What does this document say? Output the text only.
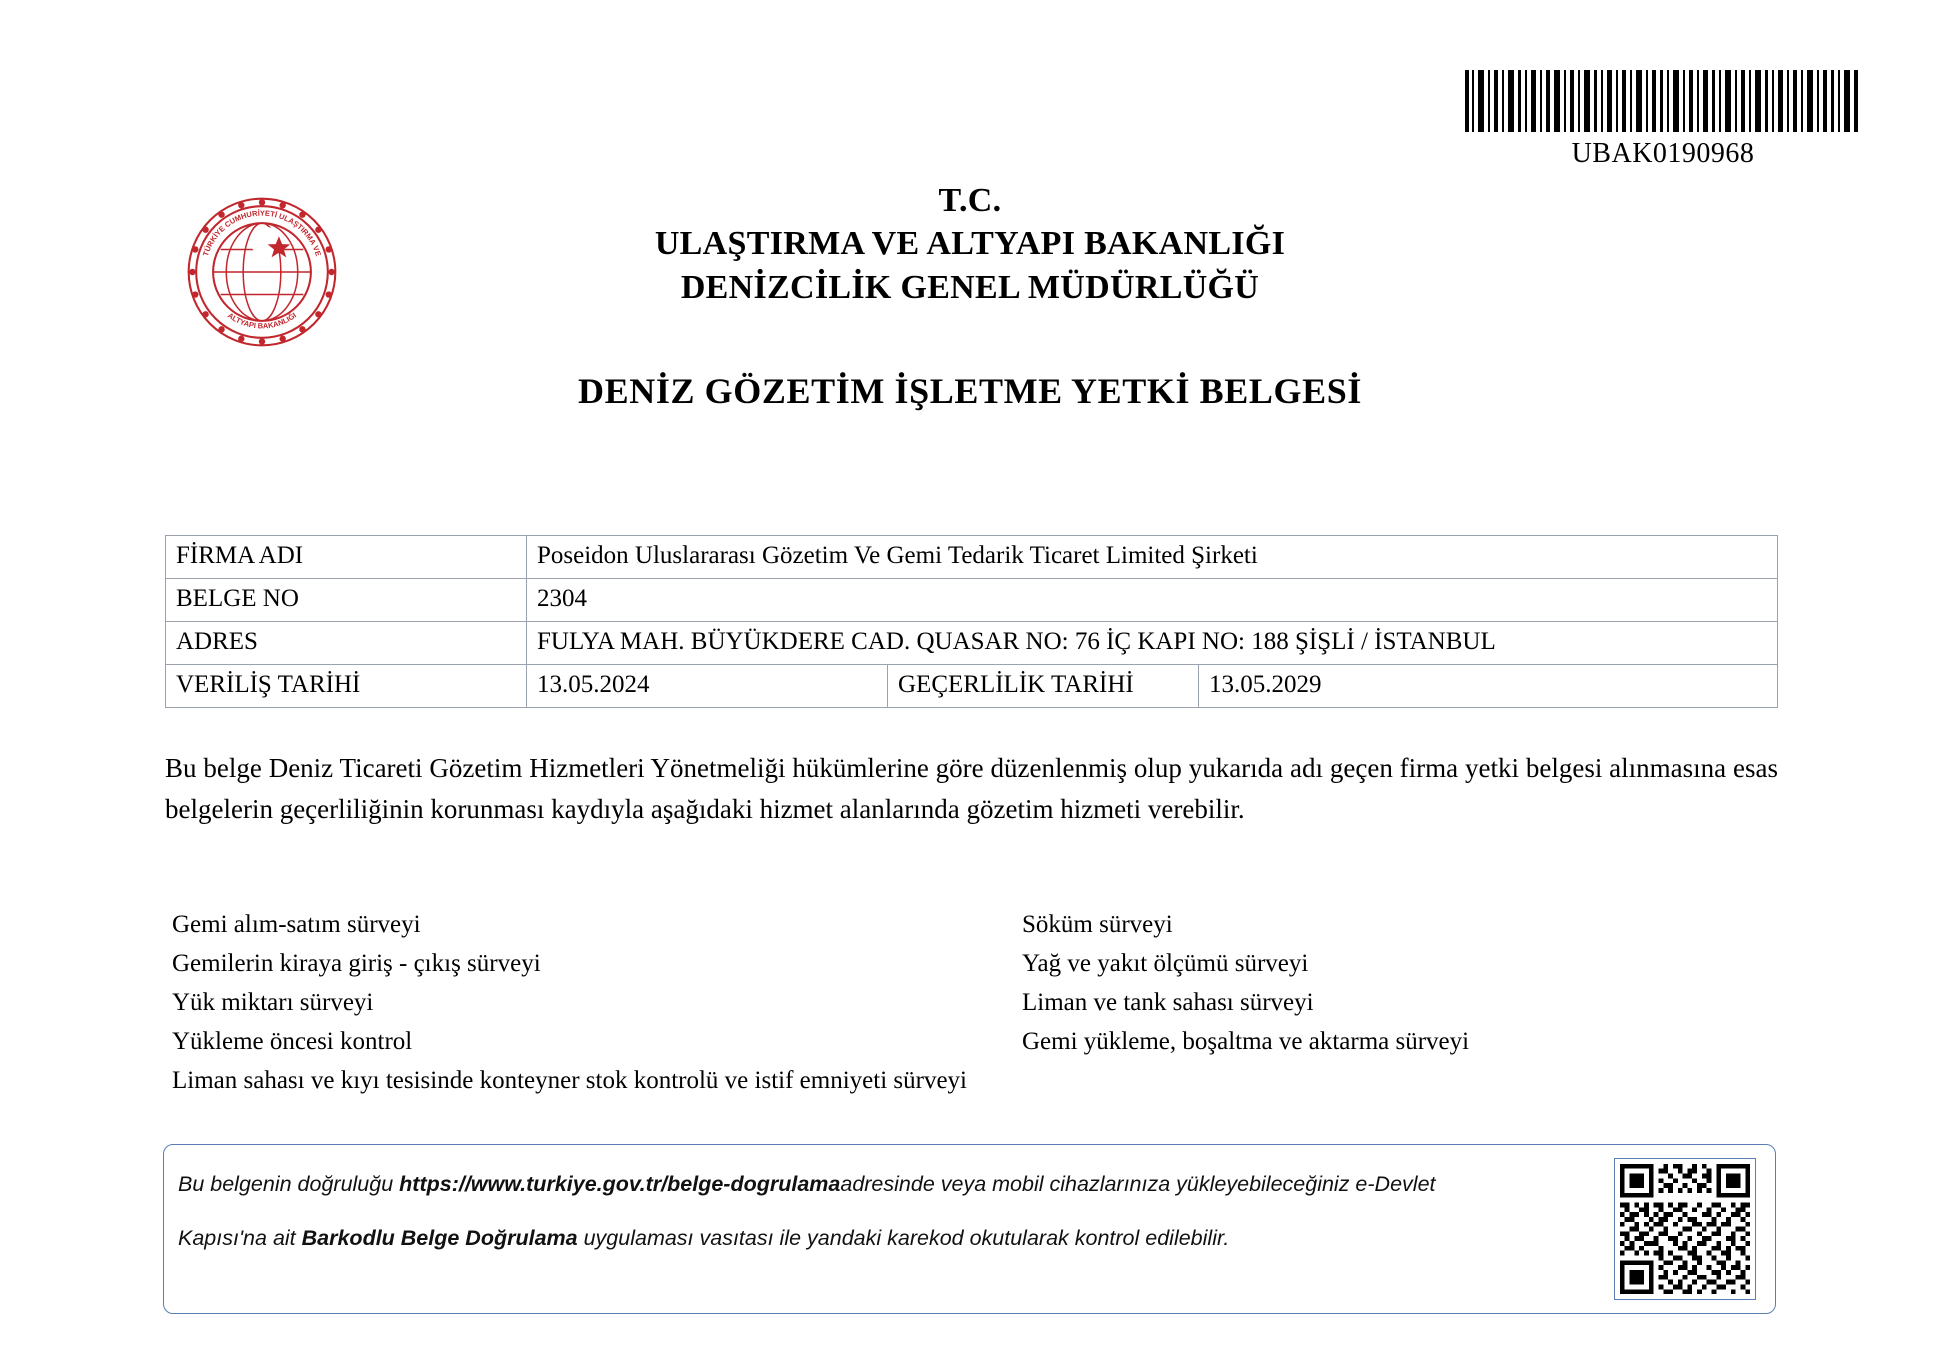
UBAK0190968
TÜRKİYE CUMHURİYETİ ULAŞTIRMA VE
ALTYAPI BAKANLIĞI
T.C.
ULAŞTIRMA VE ALTYAPI BAKANLIĞI
DENİZCİLİK GENEL MÜDÜRLÜĞÜ
DENİZ GÖZETİM İŞLETME YETKİ BELGESİ
FİRMA ADI	Poseidon Uluslararası Gözetim Ve Gemi Tedarik Ticaret Limited Şirketi		
BELGE NO	2304		
ADRES	FULYA MAH. BÜYÜKDERE CAD. QUASAR NO: 76 İÇ KAPI NO: 188 ŞİŞLİ / İSTANBUL		
VERİLİŞ TARİHİ	13.05.2024	GEÇERLİLİK TARİHİ	13.05.2029
Bu belge Deniz Ticareti Gözetim Hizmetleri Yönetmeliği hükümlerine göre düzenlenmiş olup yukarıda adı geçen firma yetki belgesi alınmasına esas belgelerin geçerliliğinin korunması kaydıyla aşağıdaki hizmet alanlarında gözetim hizmeti verebilir.
Gemi alım-satım sürveyi
Gemilerin kiraya giriş - çıkış sürveyi
Yük miktarı sürveyi
Yükleme öncesi kontrol
Liman sahası ve kıyı tesisinde konteyner stok kontrolü ve istif emniyeti sürveyi
Söküm sürveyi
Yağ ve yakıt ölçümü sürveyi
Liman ve tank sahası sürveyi
Gemi yükleme, boşaltma ve aktarma sürveyi
Bu belgenin doğruluğu https://www.turkiye.gov.tr/belge-dogrulamaadresinde veya mobil cihazlarınıza yükleyebileceğiniz e-Devlet
Kapısı'na ait Barkodlu Belge Doğrulama uygulaması vasıtası ile yandaki karekod okutularak kontrol edilebilir.
